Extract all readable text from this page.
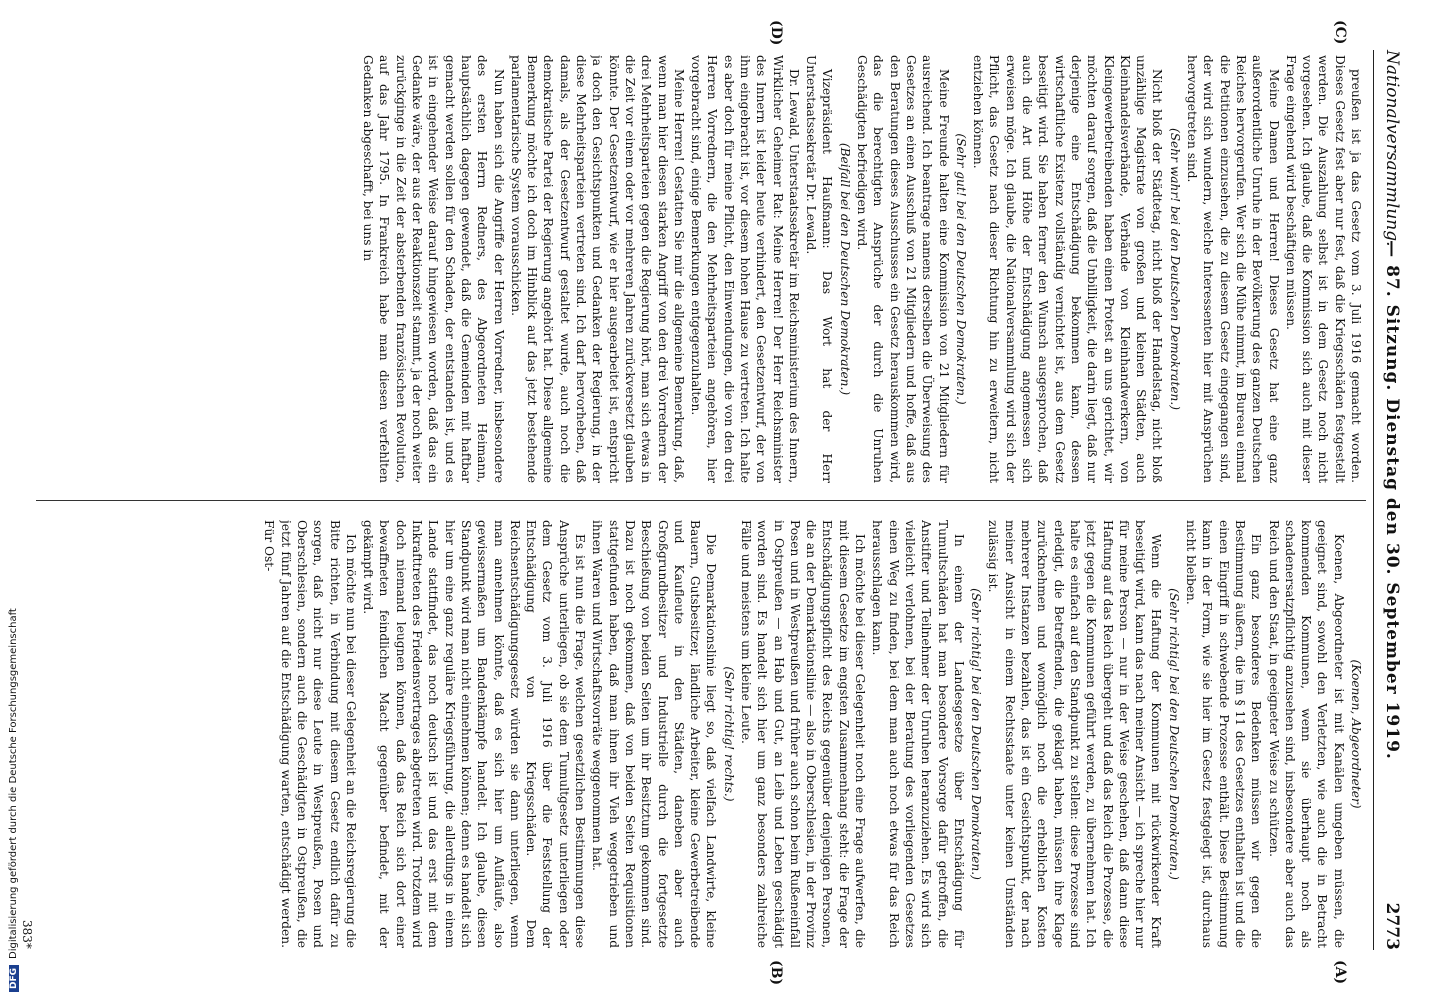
Nationalversammlung.
— 87. Sitzung. Dienstag den 30. September 1919.
2773
(A)
(B)
(C)
(D)

(Koenen, Abgeordneter)

Koenen, Abgeordneter ist mit Kanälen umgeben müssen, die geeignet sind, sowohl den Verletzten, wie auch die in Betracht kommenden Kommunen, wenn sie überhaupt noch als schadenersatzpflichtig anzusehen sind, insbesondere aber auch das Reich und den Staat, in geeigneter Weise zu schützen.

Ein ganz besonderes Bedenken müssen wir gegen die Bestimmung äußern, die im § 11 des Gesetzes enthalten ist und die einen Eingriff in schwebende Prozesse enthält. Diese Bestimmung kann in der Form, wie sie hier im Gesetz festgelegt ist, durchaus nicht bleiben.

(Sehr richtig! bei den Deutschen Demokraten.)

Wenn die Haftung der Kommunen mit rückwirkender Kraft beseitigt wird, kann das nach meiner Ansicht — ich spreche hier nur für meine Person — nur in der Weise geschehen, daß dann diese Haftung auf das Reich übergeht und daß das Reich die Prozesse, die jetzt gegen die Kommunen geführt werden, zu übernehmen hat. Ich halte es einfach auf den Standpunkt zu stellen: diese Prozesse sind erledigt, die Betreffenden, die geklagt haben, müssen ihre Klage zurücknehmen und womöglich noch die erheblichen Kosten mehrerer Instanzen bezahlen, das ist ein Gesichtspunkt, der nach meiner Ansicht in einem Rechtsstaate unter keinen Umständen zulässig ist.

(Sehr richtig! bei den Deutschen Demokraten.)

In einem der Landesgesetze über Entschädigung für Tumultschäden hat man besondere Vorsorge dafür getroffen, die Anstifter und Teilnehmer der Unruhen heranzuziehen. Es wird sich vielleicht verlohnen, bei der Beratung des vorliegenden Gesetzes einen Weg zu finden, bei dem man auch noch etwas für das Reich herausschlagen kann.

Ich möchte bei dieser Gelegenheit noch eine Frage aufwerfen, die mit diesem Gesetze im engsten Zusammenhang steht: die Frage der Entschädigungspflicht des Reichs gegenüber denjenigen Personen, die an der Demarkationslinie — also in Oberschlesien, in der Provinz Posen und in Westpreußen und früher auch schon beim Rußeneinfall in Ostpreußen — an Hab und Gut, an Leib und Leben geschädigt worden sind. Es handelt sich hier um ganz besonders zahlreiche Fälle und meistens um kleine Leute.

(Sehr richtig! rechts.)

Die Demarkationslinie liegt so, daß vielfach Landwirte, kleine Bauern, Gutsbesitzer, ländliche Arbeiter, kleine Gewerbetreibende und Kaufleute in den Städten, daneben aber auch Großgrundbesitzer und Industrielle durch die fortgesetzte Beschießung von beiden Seiten um ihr Besitztum gekommen sind. Dazu ist noch gekommen, daß von beiden Seiten Requisitionen stattgefunden haben, daß man ihnen ihr Vieh weggetrieben und ihnen Waren und Wirtschaftsvorräte weggenommen hat.

Es ist nun die Frage, welchen gesetzlichen Bestimmungen diese Ansprüche unterliegen, ob sie dem Tumultgesetz unterliegen oder dem Gesetz vom 3. Juli 1916 über die Feststellung der Entschädigung von Kriegsschäden. Dem Reichsentschädigungsgesetz würden sie dann unterliegen, wenn man annehmen könnte, daß es sich hier um Aufläufe, also gewissermaßen um Bandenkämpfe handelt. Ich glaube, diesen Standpunkt wird man nicht einnehmen können; denn es handelt sich hier um eine ganz reguläre Kriegsführung, die allerdings in einem Lande stattfindet, das noch deutsch ist und das erst mit dem Inkrafttreten des Friedensvertrages abgetreten wird. Trotzdem wird doch niemand leugnen können, daß das Reich sich dort einer bewaffneten feindlichen Macht gegenüber befindet, mit der gekämpft wird.

Ich möchte nun bei dieser Gelegenheit an die Reichsregierung die Bitte richten, in Verbindung mit diesem Gesetz endlich dafür zu sorgen, daß nicht nur diese Leute in Westpreußen, Posen und Oberschlesien, sondern auch die Geschädigten in Ostpreußen, die jetzt fünf Jahren auf die Entschädigung warten, entschädigt werden. Für Ost-

preußen ist ja das Gesetz vom 3. Juli 1916 gemacht worden. Dieses Gesetz fest aber nur fest, daß die Kriegsschäden festgestellt werden. Die Auszahlung selbst ist in dem Gesetz noch nicht vorgesehen. Ich glaube, daß die Kommission sich auch mit dieser Frage eingehend wird beschäftigen müssen.

Meine Damen und Herren! Dieses Gesetz hat eine ganz außerordentliche Unruhe in der Bevölkerung des ganzen Deutschen Reiches hervorgerufen. Wer sich die Mühe nimmt, im Bureau einmal die Petitionen einzusehen, die zu diesem Gesetz eingegangen sind, der wird sich wundern, welche Interessenten hier mit Ansprüchen hervorgetreten sind.

(Sehr wahr! bei den Deutschen Demokraten.)

Nicht bloß der Städtetag, nicht bloß der Handelstag, nicht bloß unzählige Magistrate von großen und kleinen Städten, auch Kleinhandelsverbände, Verbände von Kleinhandwerkern, von Kleingewerbetreibenden haben einen Protest an uns gerichtet, wir möchten darauf sorgen, daß die Unbilligkeit, die darin liegt, daß nur derjenige eine Entschädigung bekommen kann, dessen wirtschaftliche Existenz vollständig vernichtet ist, aus dem Gesetz beseitigt wird. Sie haben ferner den Wunsch ausgesprochen, daß auch die Art und Höhe der Entschädigung angemessen sich erweisen möge. Ich glaube, die Nationalversammlung wird sich der Pflicht, das Gesetz nach dieser Richtung hin zu erweitern, nicht entziehen können.

(Sehr gut! bei den Deutschen Demokraten.)

Meine Freunde halten eine Kommission von 21 Mitgliedern für ausreichend. Ich beantrage namens derselben die Überweisung des Gesetzes an einen Ausschuß von 21 Mitgliedern und hoffe, daß aus den Beratungen dieses Ausschusses ein Gesetz herauskommen wird, das die berechtigten Ansprüche der durch die Unruhen Geschädigten befriedigen wird.

(Beifall bei den Deutschen Demokraten.)

Vizepräsident Haußmann: Das Wort hat der Herr Unterstaatssekretär Dr. Lewald.

Dr. Lewald, Unterstaatssekretär im Reichsministerium des Innern, Wirklicher Geheimer Rat: Meine Herren! Der Herr Reichsminister des Innern ist leider heute verhindert, den Gesetzentwurf, der von ihm eingebracht ist, vor diesem hohen Hause zu vertreten. Ich halte es aber doch für meine Pflicht, den Einwendungen, die von den drei Herren Vorrednern, die den Mehrheitsparteien angehören, hier vorgebracht sind, einige Bemerkungen entgegenzuhalten.

Meine Herren! Gestatten Sie mir die allgemeine Bemerkung, daß, wenn man hier diesen starken Angriff von den drei Vorrednern der drei Mehrheitsparteien gegen die Regierung hört, man sich etwas in die Zeit vor einem oder vor mehreren Jahren zurückversetzt glauben könnte. Der Gesetzentwurf, wie er hier ausgearbeitet ist, entspricht ja doch den Gesichtspunkten und Gedanken der Regierung, in der diese Mehrheitsparteien vertreten sind. Ich darf hervorheben, daß damals, als der Gesetzentwurf gestaltet wurde, auch noch die demokratische Partei der Regierung angehört hat. Diese allgemeine Bemerkung möchte ich doch im Hinblick auf das jetzt bestehende parlamentarische System vorausschicken.

Nun haben sich die Angriffe der Herren Vorredner, insbesondere des ersten Herrn Redners, des Abgeordneten Heimann, hauptsächlich dagegen gewendet, daß die Gemeinden mit haftbar gemacht werden sollen für den Schaden, der entstanden ist, und es ist in eingehender Weise darauf hingewiesen worden, daß das ein Gedanke wäre, der aus der Reaktionszeit stammt, ja der noch weiter zurückginge in die Zeit der absterbenden französischen Revolution, auf das Jahr 1795. In Frankreich habe man diesen verfehlten Gedanken abgeschafft, bei uns in

383*
DFGDigitalisierung gefördert durch die Deutsche Forschungsgemeinschaft
